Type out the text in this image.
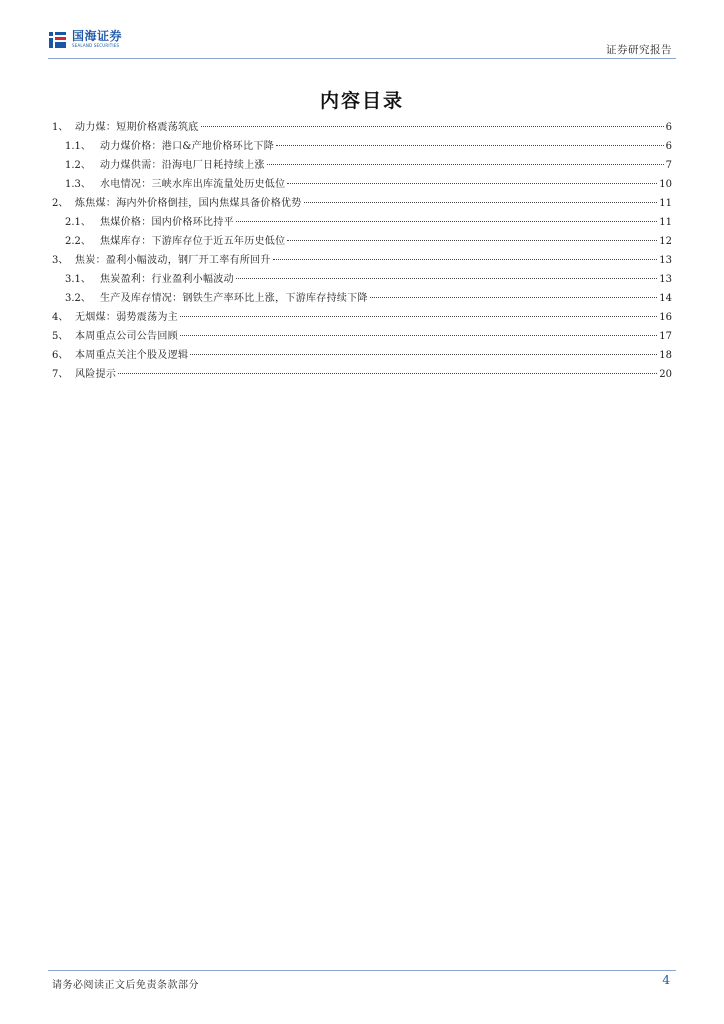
国海证券
SEALAND SECURITIES	证券研究报告
内容目录
1、 动力煤：短期价格震荡筑底	6
1.1、 动力煤价格：港口&产地价格环比下降	6
1.2、 动力煤供需：沿海电厂日耗持续上涨	7
1.3、 水电情况：三峡水库出库流量处历史低位	10
2、 炼焦煤：海内外价格倒挂，国内焦煤具备价格优势	11
2.1、 焦煤价格：国内价格环比持平	11
2.2、 焦煤库存：下游库存位于近五年历史低位	12
3、 焦炭：盈利小幅波动，钢厂开工率有所回升	13
3.1、 焦炭盈利：行业盈利小幅波动	13
3.2、 生产及库存情况：钢铁生产率环比上涨，下游库存持续下降	14
4、 无烟煤：弱势震荡为主	16
5、 本周重点公司公告回顾	17
6、 本周重点关注个股及逻辑	18
7、 风险提示	20
请务必阅读正文后免责条款部分	4
